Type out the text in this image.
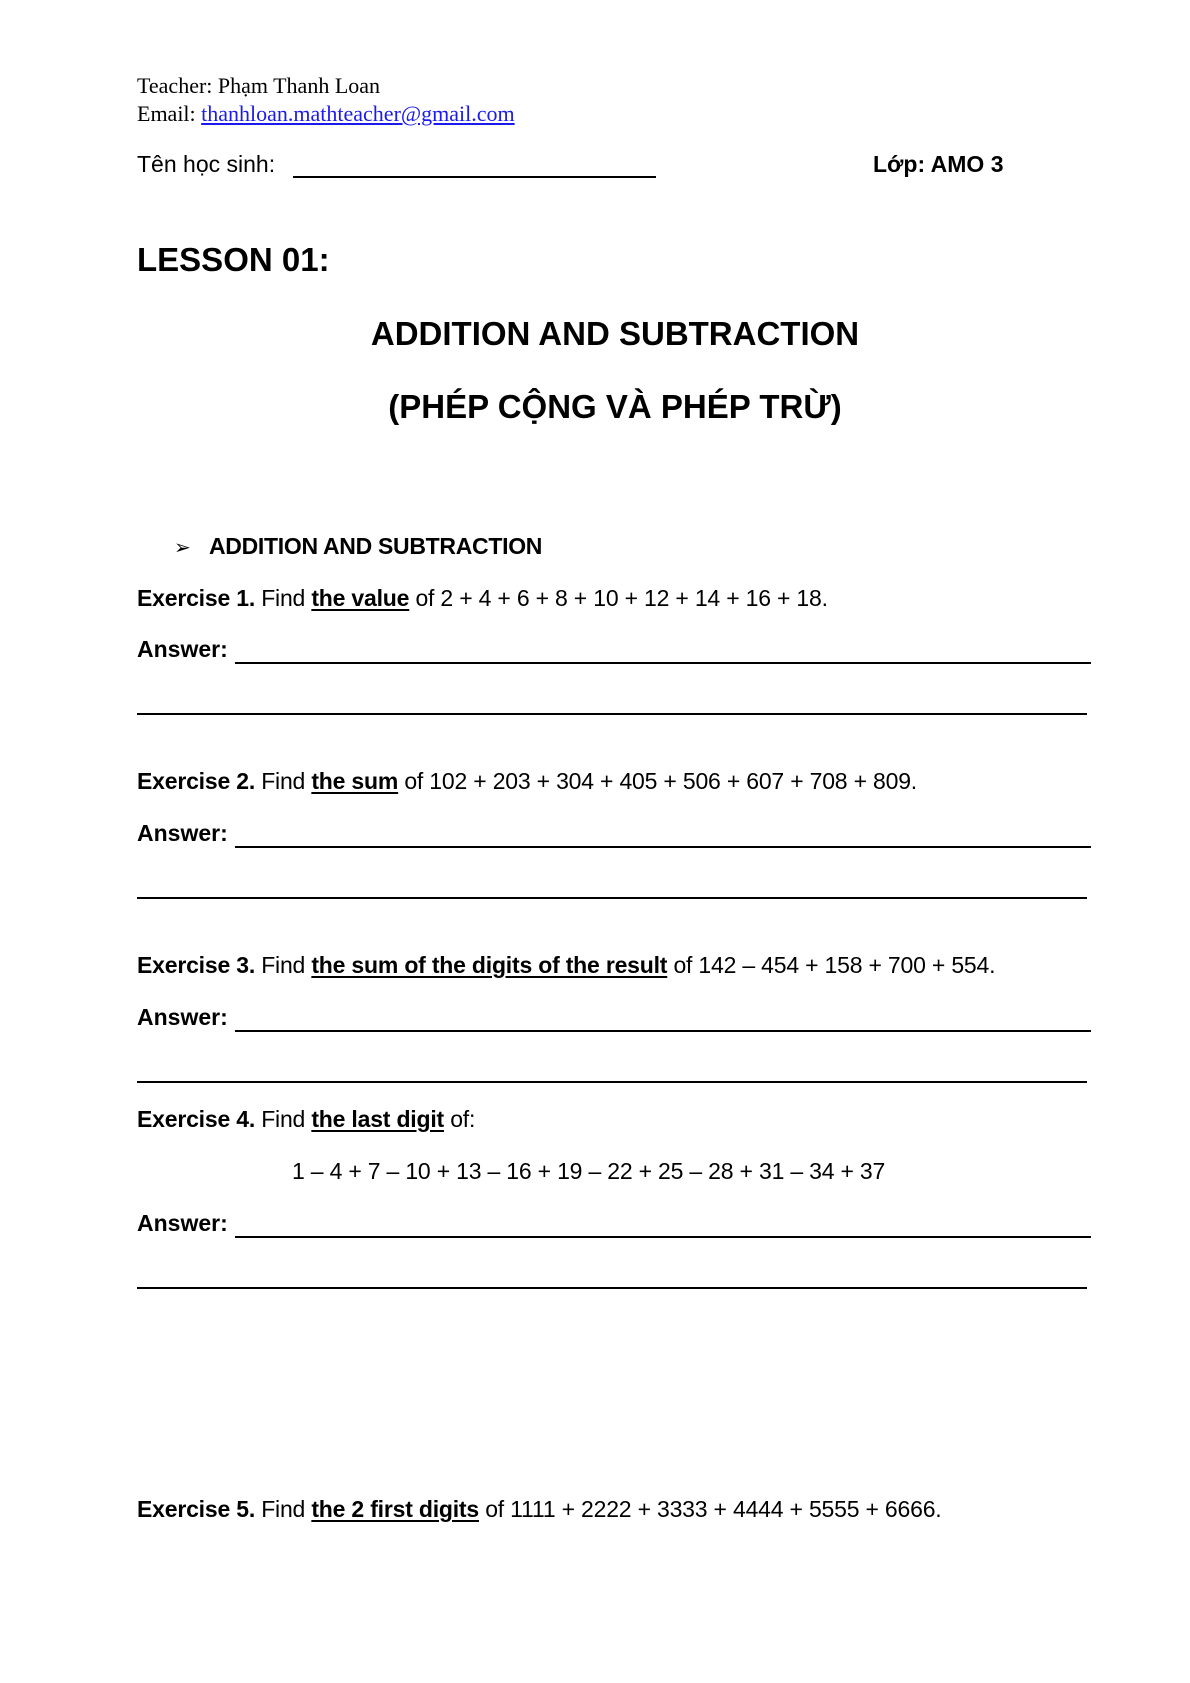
Teacher: Phạm Thanh Loan
Email: thanhloan.mathteacher@gmail.com
Tên học sinh:	Lớp: AMO 3
LESSON 01:
ADDITION AND SUBTRACTION
(PHÉP CỘNG VÀ PHÉP TRỪ)
➢ ADDITION AND SUBTRACTION
Exercise 1. Find the value of 2 + 4 + 6 + 8 + 10 + 12 + 14 + 16 + 18.
Answer:
Exercise 2. Find the sum of 102 + 203 + 304 + 405 + 506 + 607 + 708 + 809.
Answer:
Exercise 3. Find the sum of the digits of the result of 142 – 454 + 158 + 700 + 554.
Answer:
Exercise 4. Find the last digit of:
1 – 4 + 7 – 10 + 13 – 16 + 19 – 22 + 25 – 28 + 31 – 34 + 37
Answer:
Exercise 5. Find the 2 first digits of 1111 + 2222 + 3333 + 4444 + 5555 + 6666.
